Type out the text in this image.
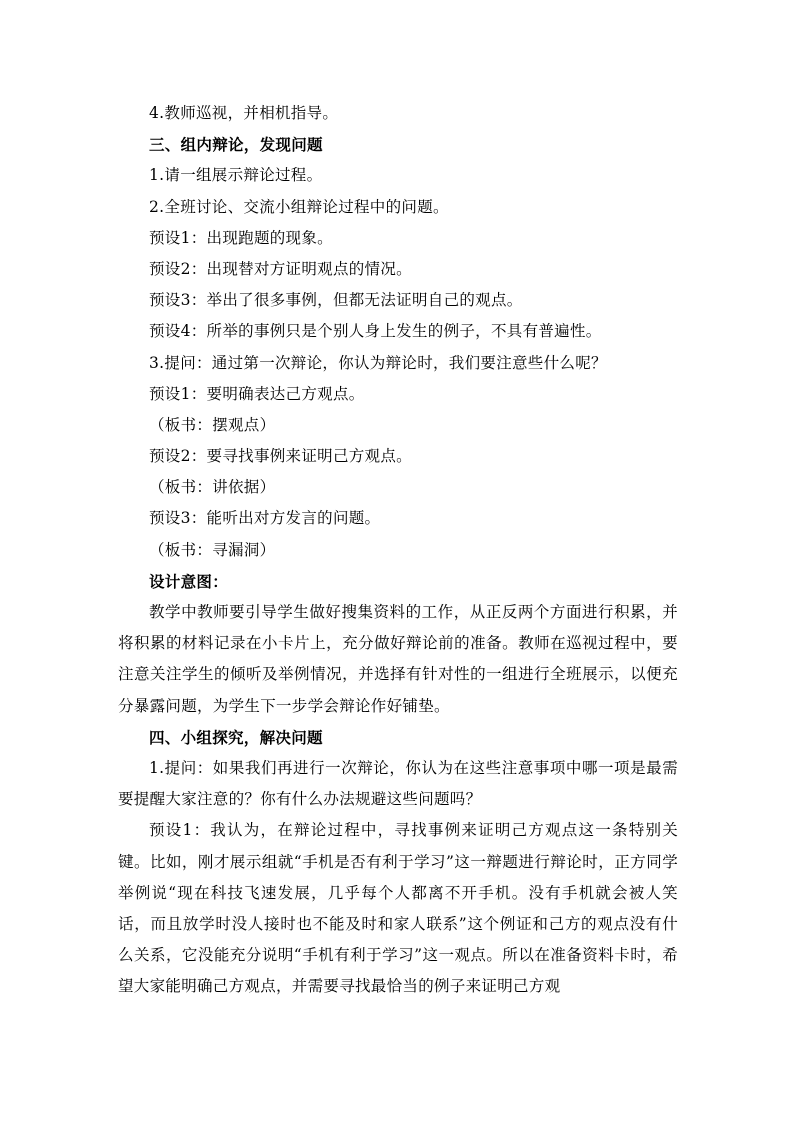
4.教师巡视，并相机指导。
三、组内辩论，发现问题
1.请一组展示辩论过程。
2.全班讨论、交流小组辩论过程中的问题。
预设1：出现跑题的现象。
预设2：出现替对方证明观点的情况。
预设3：举出了很多事例，但都无法证明自己的观点。
预设4：所举的事例只是个别人身上发生的例子，不具有普遍性。
3.提问：通过第一次辩论，你认为辩论时，我们要注意些什么呢？
预设1：要明确表达己方观点。
（板书：摆观点）
预设2：要寻找事例来证明己方观点。
（板书：讲依据）
预设3：能听出对方发言的问题。
（板书：寻漏洞）
设计意图：

教学中教师要引导学生做好搜集资料的工作，从正反两个方面进行积累，并将积累的材料记录在小卡片上，充分做好辩论前的准备。教师在巡视过程中，要注意关注学生的倾听及举例情况，并选择有针对性的一组进行全班展示，以便充分暴露问题，为学生下一步学会辩论作好铺垫。

四、小组探究，解决问题

1.提问：如果我们再进行一次辩论，你认为在这些注意事项中哪一项是最需要提醒大家注意的？你有什么办法规避这些问题吗？

预设1：我认为，在辩论过程中，寻找事例来证明己方观点这一条特别关键。比如，刚才展示组就“手机是否有利于学习”这一辩题进行辩论时，正方同学举例说“现在科技飞速发展，几乎每个人都离不开手机。没有手机就会被人笑话，而且放学时没人接时也不能及时和家人联系”这个例证和己方的观点没有什么关系，它没能充分说明“手机有利于学习”这一观点。所以在准备资料卡时，希望大家能明确己方观点，并需要寻找最恰当的例子来证明己方观
